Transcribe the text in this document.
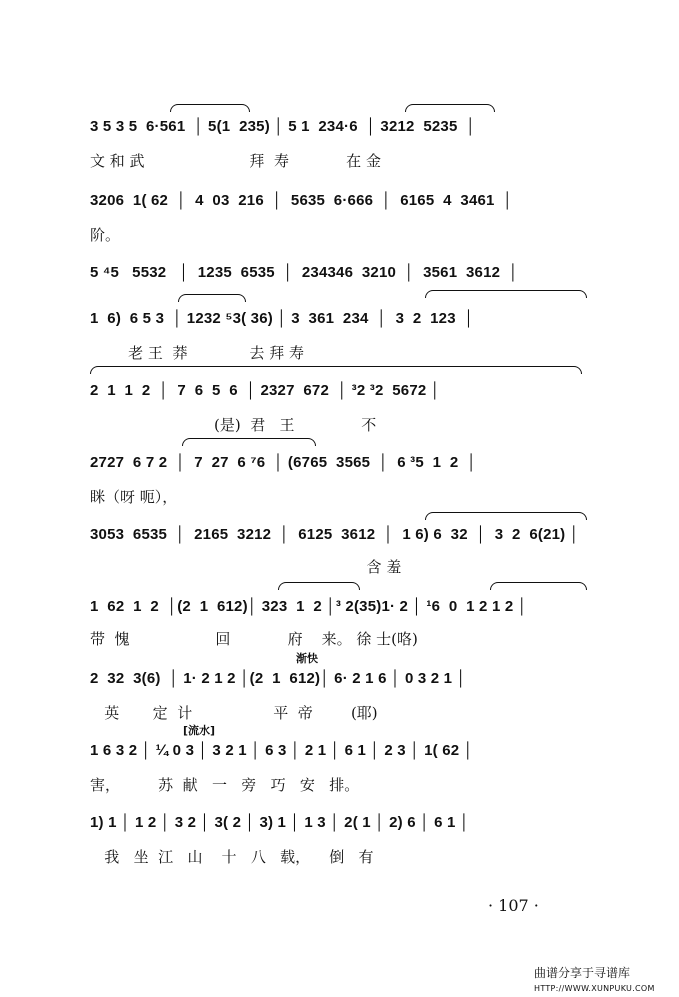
3 5 3 5  6·561  │ 5(1  235) │ 5 1  234·6  │ 3212  5235  │
文 和 武                      拜  寿            在 金
3206  1( 62  │  4  03  216  │  5635  6·666  │  6165  4  3461  │
阶。
5 ⁴5   5532   │  1235  6535  │  234346  3210  │  3561  3612  │
1  6)  6 5 3  │ 1232 ⁵3( 36) │ 3  361  234  │  3  2  123  │
老 王  莽             去 拜 寿
2  1  1  2  │  7  6  5  6  │ 2327  672  │ ³2 ³2  5672 │
(是)  君   王              不
2727  6 7 2  │  7  27  6 ⁷6  │ (6765  3565  │  6 ³5  1  2  │
眯（呀 呃），
3053  6535  │  2165  3212  │  6125  3612  │  1 6) 6  32  │  3  2  6(21) │
含 羞
1  62  1  2  │(2  1  612)│ 323  1  2 │³ 2(35)1· 2 │ ¹6  0  1 2 1 2 │
带  愧                  回            府    来。 徐 士(咯)
渐快
2  32  3(6)  │ 1· 2 1 2 │(2  1  612)│ 6· 2 1 6 │ 0 3 2 1 │
英       定  计                 平  帝        (耶)
[流水]
1 6 3 2 │ ¼ 0 3 │ 3 2 1 │ 6 3 │ 2 1 │ 6 1 │ 2 3 │ 1( 62 │
害，        苏  献   一   旁   巧   安   排。
1) 1 │ 1 2 │ 3 2 │ 3( 2 │ 3) 1 │ 1 3 │ 2( 1 │ 2) 6 │ 6 1 │
我   坐  江   山    十   八   载，    倒   有
· 107 ·
曲谱分享于寻谱库
HTTP://WWW.XUNPUKU.COM
